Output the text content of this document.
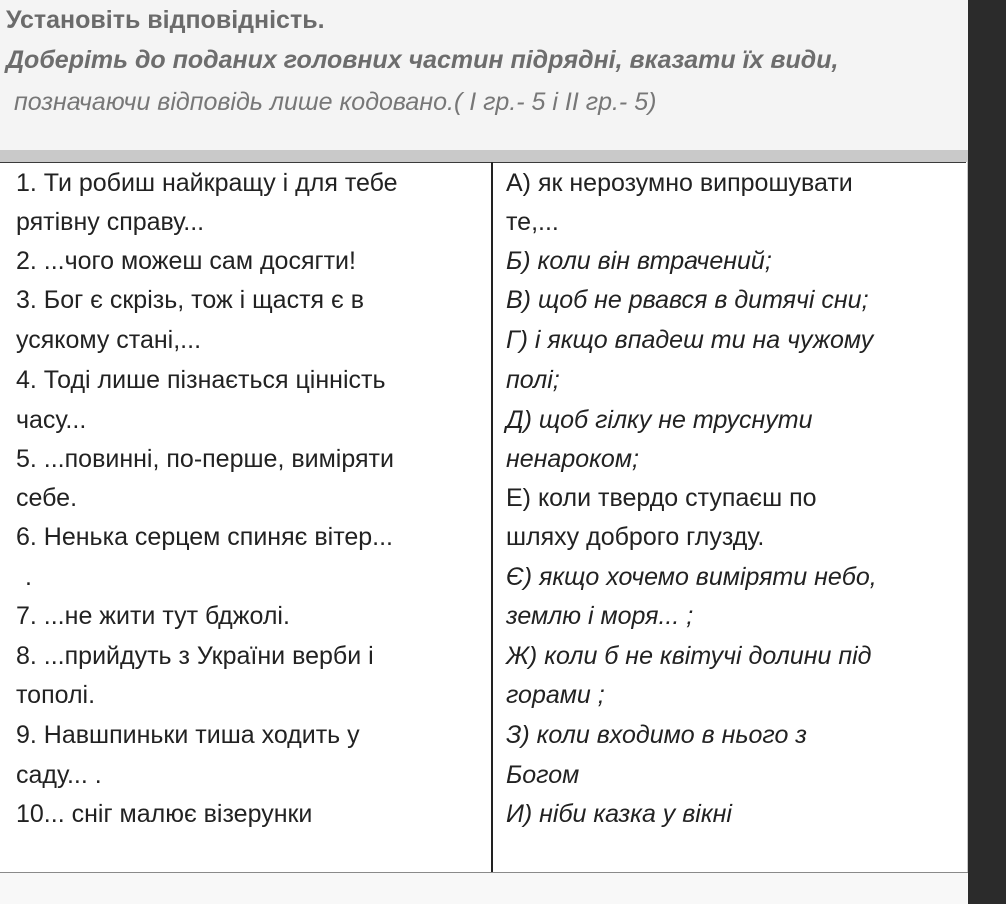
Установіть відповідність.
Доберіть до поданих головних частин підрядні, вказати їх види,
позначаючи відповідь лише кодовано.( І гр.- 5 і ІІ гр.- 5)
1. Ти робиш найкращу і для тебе
рятівну справу...
2. ...чого можеш сам досягти!
3. Бог є скрізь, тож і щастя є в
усякому стані,...
4. Тоді лише пізнається цінність
часу...
5. ...повинні, по-перше, виміряти
себе.
6. Ненька серцем спиняє вітер...
.
7. ...не жити тут бджолі.
8. ...прийдуть з України верби і
тополі.
9. Навшпиньки тиша ходить у
саду... .
10... сніг малює візерунки
А) як нерозумно випрошувати
те,...
Б) коли він втрачений;
В) щоб не рвався в дитячі сни;
Г) і якщо впадеш ти на чужому
полі;
Д) щоб гілку не труснути
ненароком;
Е) коли твердо ступаєш по
шляху доброго глузду.
Є) якщо хочемо виміряти небо,
землю і моря... ;
Ж) коли б не квітучі долини під
горами ;
З) коли входимо в нього з
Богом
И) ніби казка у вікні
